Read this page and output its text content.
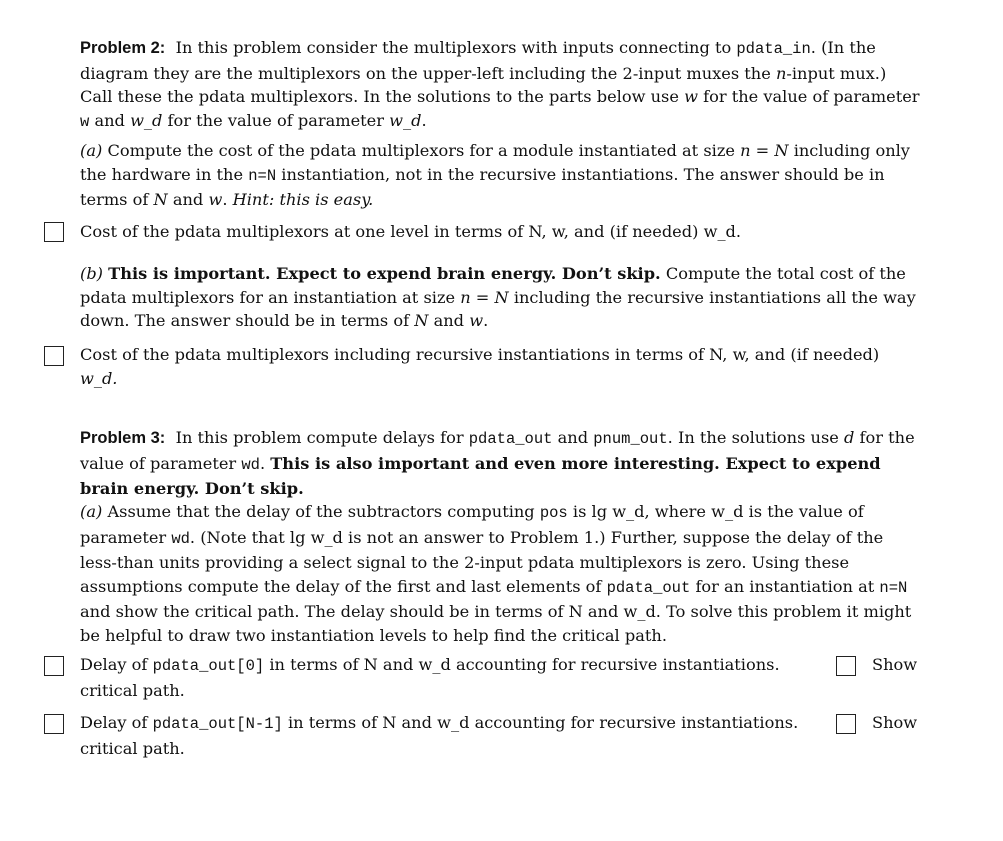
Problem 2: In this problem consider the multiplexors with inputs connecting to pdata_in. (In the diagram they are the multiplexors on the upper-left including the 2-input muxes the n-input mux.) Call these the pdata multiplexors. In the solutions to the parts below use w for the value of parameter w and w_d for the value of parameter w_d.
(a) Compute the cost of the pdata multiplexors for a module instantiated at size n = N including only the hardware in the n=N instantiation, not in the recursive instantiations. The answer should be in terms of N and w. Hint: this is easy.
Cost of the pdata multiplexors at one level in terms of N, w, and (if needed) w_d.
(b) This is important. Expect to expend brain energy. Don’t skip. Compute the total cost of the pdata multiplexors for an instantiation at size n = N including the recursive instantiations all the way down. The answer should be in terms of N and w.
Cost of the pdata multiplexors including recursive instantiations in terms of N, w, and (if needed)
w_d.
Problem 3: In this problem compute delays for pdata_out and pnum_out. In the solutions use d for the value of parameter wd. This is also important and even more interesting. Expect to expend brain energy. Don’t skip.
(a) Assume that the delay of the subtractors computing pos is lg w_d, where w_d is the value of parameter wd. (Note that lg w_d is not an answer to Problem 1.) Further, suppose the delay of the less-than units providing a select signal to the 2-input pdata multiplexors is zero. Using these assumptions compute the delay of the first and last elements of pdata_out for an instantiation at n=N and show the critical path. The delay should be in terms of N and w_d. To solve this problem it might be helpful to draw two instantiation levels to help find the critical path.
Delay of pdata_out[0] in terms of N and w_d accounting for recursive instantiations.
critical path.
Show
Delay of pdata_out[N-1] in terms of N and w_d accounting for recursive instantiations.
critical path.
Show
